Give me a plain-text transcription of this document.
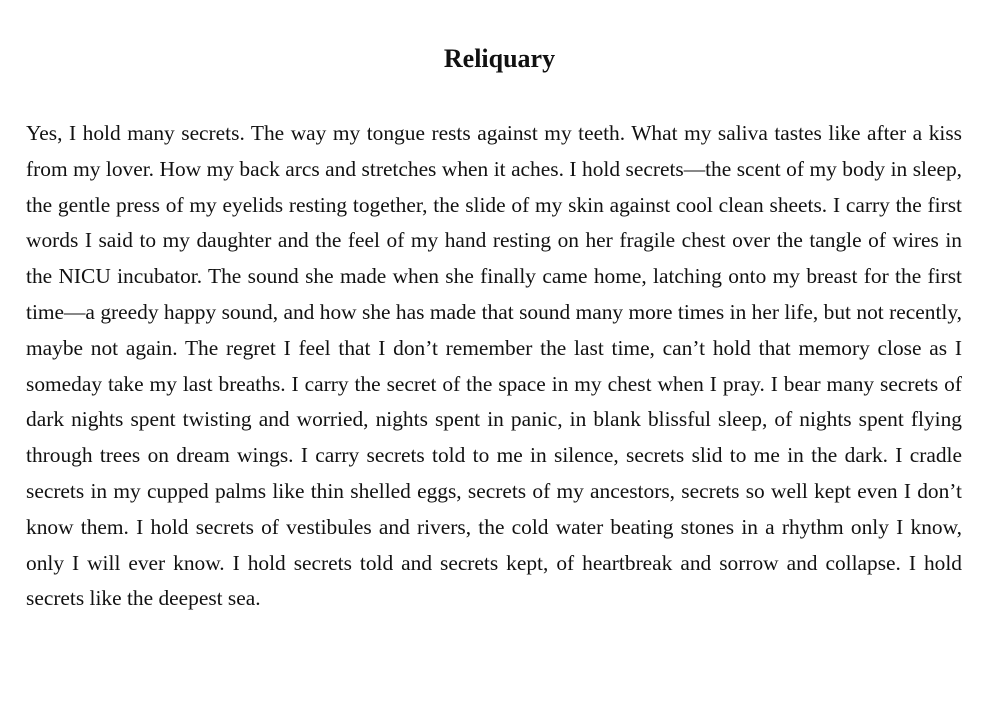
Reliquary

Yes, I hold many secrets. The way my tongue rests against my teeth. What my saliva tastes like after a kiss from my lover. How my back arcs and stretches when it aches. I hold secrets—the scent of my body in sleep, the gentle press of my eyelids resting together, the slide of my skin against cool clean sheets. I carry the first words I said to my daughter and the feel of my hand resting on her fragile chest over the tangle of wires in the NICU incubator. The sound she made when she finally came home, latching onto my breast for the first time—a greedy happy sound, and how she has made that sound many more times in her life, but not recently, maybe not again. The regret I feel that I don’t remember the last time, can’t hold that memory close as I someday take my last breaths. I carry the secret of the space in my chest when I pray. I bear many secrets of dark nights spent twisting and worried, nights spent in panic, in blank blissful sleep, of nights spent flying through trees on dream wings. I carry secrets told to me in silence, secrets slid to me in the dark. I cradle secrets in my cupped palms like thin shelled eggs, secrets of my ancestors, secrets so well kept even I don’t know them. I hold secrets of vestibules and rivers, the cold water beating stones in a rhythm only I know, only I will ever know. I hold secrets told and secrets kept, of heartbreak and sorrow and collapse. I hold secrets like the deepest sea.
